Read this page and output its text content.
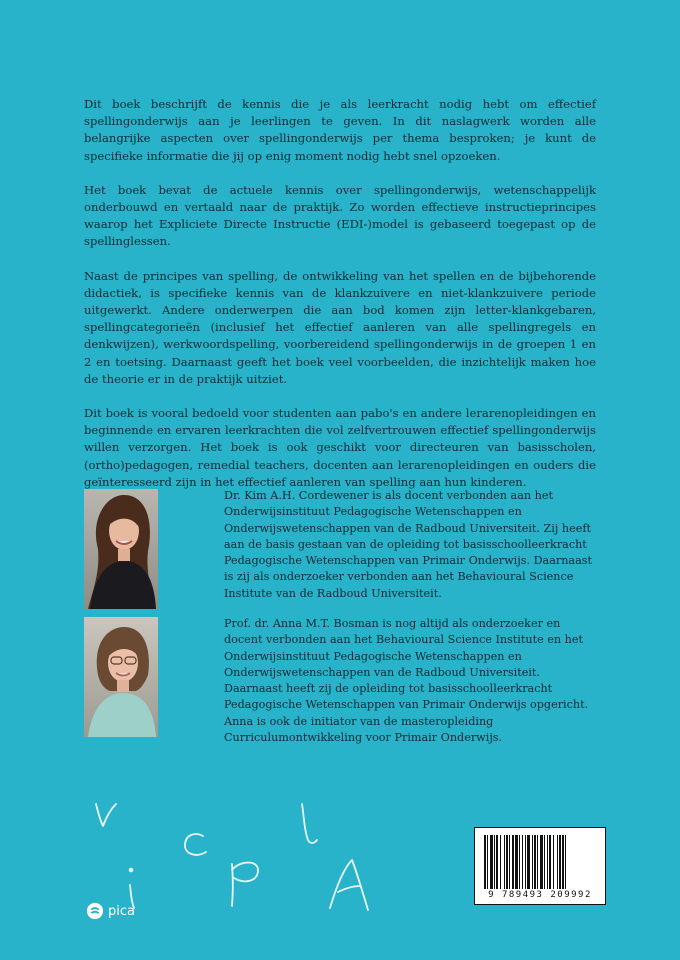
Dit boek beschrijft de kennis die je als leerkracht nodig hebt om effectief spellingonderwijs aan je leerlingen te geven. In dit naslagwerk worden alle belangrijke aspecten over spellingonderwijs per thema besproken; je kunt de specifieke informatie die jij op enig moment nodig hebt snel opzoeken.

Het boek bevat de actuele kennis over spellingonderwijs, wetenschappelijk onderbouwd en vertaald naar de praktijk. Zo worden effectieve instructieprincipes waarop het Expliciete Directe Instructie (EDI-)model is gebaseerd toegepast op de spellinglessen.

Naast de principes van spelling, de ontwikkeling van het spellen en de bijbehorende didactiek, is specifieke kennis van de klankzuivere en niet-klankzuivere periode uitgewerkt. Andere onderwerpen die aan bod komen zijn letter-klankgebaren, spellingcategorieën (inclusief het effectief aanleren van alle spellingregels en denkwijzen), werkwoordspelling, voorbereidend spellingonderwijs in de groepen 1 en 2 en toetsing. Daarnaast geeft het boek veel voorbeelden, die inzichtelijk maken hoe de theorie er in de praktijk uitziet.

Dit boek is vooral bedoeld voor studenten aan pabo's en andere lerarenopleidingen en beginnende en ervaren leerkrachten die vol zelfvertrouwen effectief spellingonderwijs willen verzorgen. Het boek is ook geschikt voor directeuren van basisscholen, (ortho)pedagogen, remedial teachers, docenten aan lerarenopleidingen en ouders die geïnteresseerd zijn in het effectief aanleren van spelling aan hun kinderen.

Dr. Kim A.H. Cordewener is als docent verbonden aan het Onderwijsinstituut Pedagogische Wetenschappen en Onderwijswetenschappen van de Radboud Universiteit. Zij heeft aan de basis gestaan van de opleiding tot basisschoolleerkracht Pedagogische Wetenschappen van Primair Onderwijs. Daarnaast is zij als onderzoeker verbonden aan het Behavioural Science Institute van de Radboud Universiteit.

Prof. dr. Anna M.T. Bosman is nog altijd als onderzoeker en docent verbonden aan het Behavioural Science Institute en het Onderwijsinstituut Pedagogische Wetenschappen en Onderwijswetenschappen van de Radboud Universiteit. Daarnaast heeft zij de opleiding tot basisschoolleerkracht Pedagogische Wetenschappen van Primair Onderwijs opgericht. Anna is ook de initiator van de masteropleiding Curriculumontwikkeling voor Primair Onderwijs.

9 789493 209992
pica
